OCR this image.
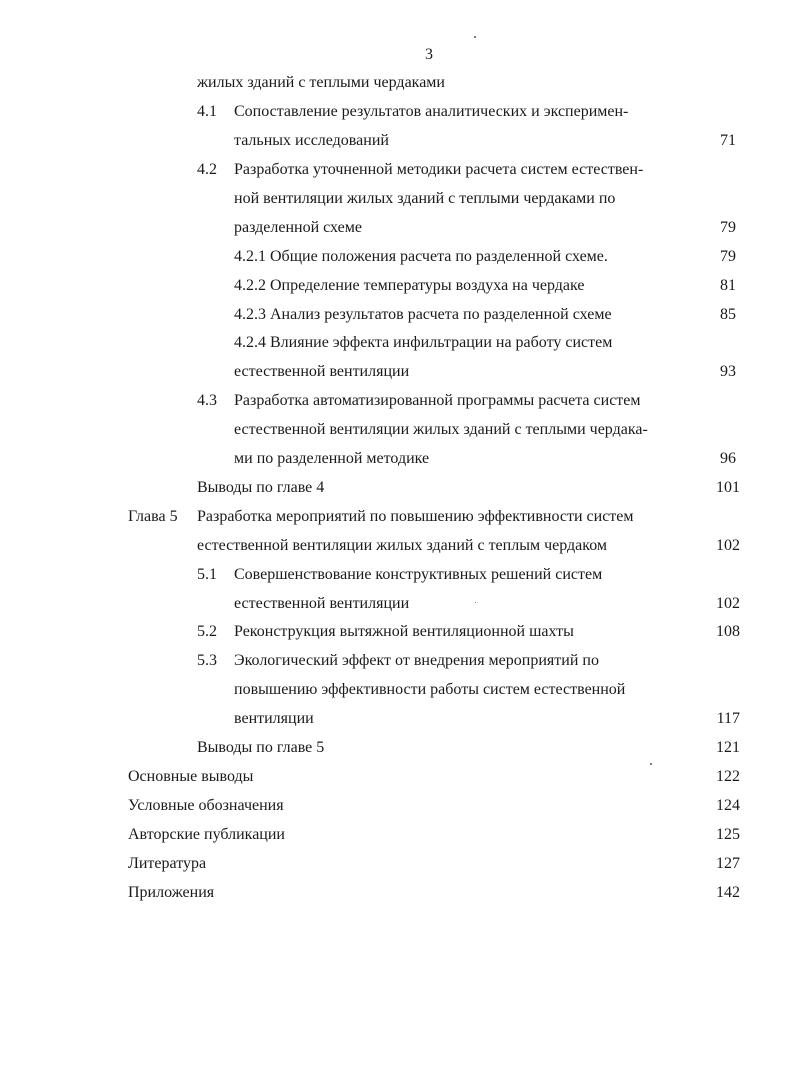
3
жилых зданий с теплыми чердаками
4.1 Сопоставление результатов аналитических и эксперимен-
тальных исследований	71
4.2 Разработка уточненной методики расчета систем естествен-
ной вентиляции жилых зданий с теплыми чердаками по
разделенной схеме	79
4.2.1 Общие положения расчета по разделенной схеме.	79
4.2.2 Определение температуры воздуха на чердаке	81
4.2.3 Анализ результатов расчета по разделенной схеме	85
4.2.4 Влияние эффекта инфильтрации на работу систем
естественной вентиляции	93
4.3 Разработка автоматизированной программы расчета систем
естественной вентиляции жилых зданий с теплыми чердака-
ми по разделенной методике	96
Выводы по главе 4	101
Глава 5 Разработка мероприятий по повышению эффективности систем
естественной вентиляции жилых зданий с теплым чердаком	102
5.1 Совершенствование конструктивных решений систем
естественной вентиляции	102
5.2 Реконструкция вытяжной вентиляционной шахты	108
5.3 Экологический эффект от внедрения мероприятий по
повышению эффективности работы систем естественной
вентиляции	117
Выводы по главе 5	121
Основные выводы	122
Условные обозначения	124
Авторские публикации	125
Литература	127
Приложения	142
